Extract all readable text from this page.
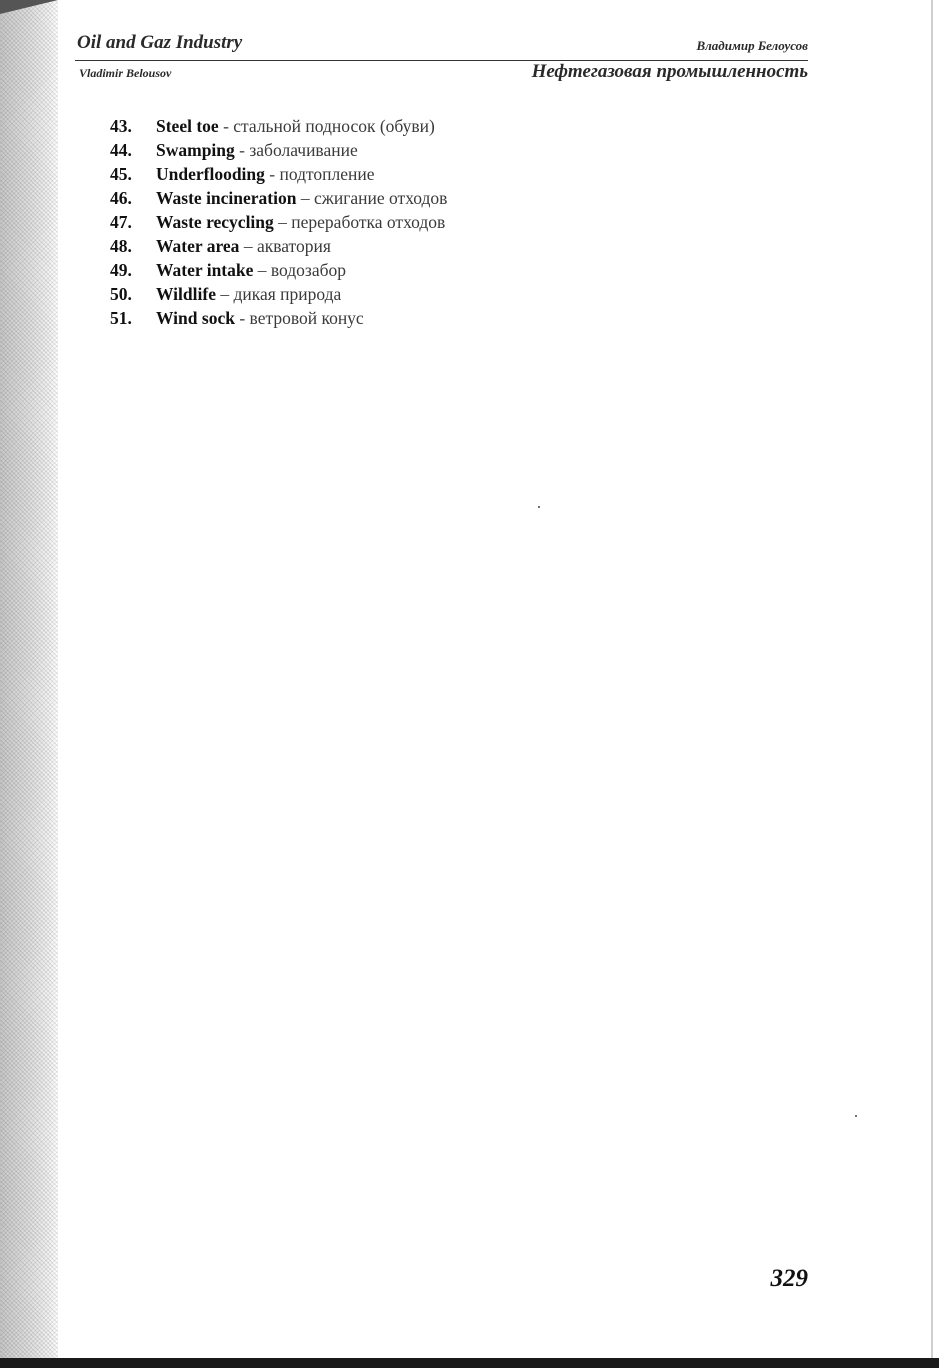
Oil and Gaz Industry	Владимир Белоусов
Vladimir Belousov	Нефтегазовая промышленность
43. Steel toe - стальной подносок (обуви)
44. Swamping - заболачивание
45. Underflooding - подтопление
46. Waste incineration – сжигание отходов
47. Waste recycling – переработка отходов
48. Water area – акватория
49. Water intake – водозабор
50. Wildlife – дикая природа
51. Wind sock - ветровой конус
329
